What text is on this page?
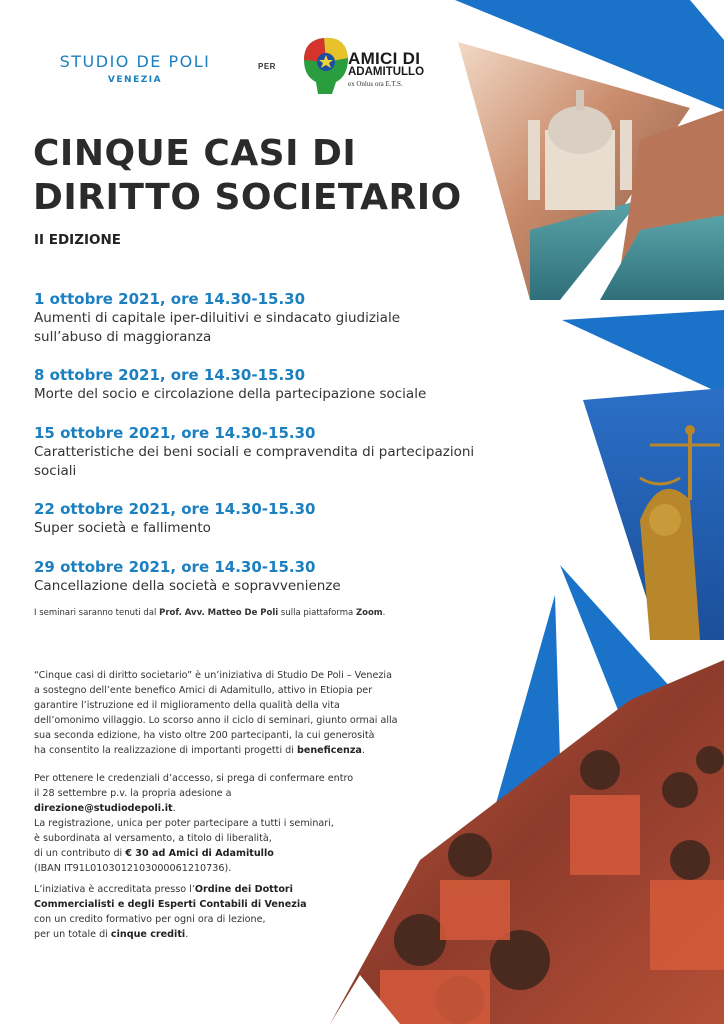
STUDIO DE POLI
VENEZIA
PER	AMICI DI
ADAMITULLO
ex Onlus ora E.T.S.
CINQUE CASI DI
DIRITTO SOCIETARIO
II EDIZIONE
1 ottobre 2021, ore 14.30-15.30
Aumenti di capitale iper-diluitivi e sindacato giudiziale
sull’abuso di maggioranza
8 ottobre 2021, ore 14.30-15.30
Morte del socio e circolazione della partecipazione sociale
15 ottobre 2021, ore 14.30-15.30
Caratteristiche dei beni sociali e compravendita di partecipazioni
sociali
22 ottobre 2021, ore 14.30-15.30
Super società e fallimento
29 ottobre 2021, ore 14.30-15.30
Cancellazione della società e sopravvenienze
I seminari saranno tenuti dal Prof. Avv. Matteo De Poli sulla piattaforma Zoom.
“Cinque casi di diritto societario” è un’iniziativa di Studio De Poli – Venezia
a sostegno dell’ente benefico Amici di Adamitullo, attivo in Etiopia per
garantire l’istruzione ed il miglioramento della qualità della vita
dell’omonimo villaggio. Lo scorso anno il ciclo di seminari, giunto ormai alla
sua seconda edizione, ha visto oltre 200 partecipanti, la cui generosità
ha consentito la realizzazione di importanti progetti di beneficenza.
Per ottenere le credenziali d’accesso, si prega di confermare entro
il 28 settembre p.v. la propria adesione a
direzione@studiodepoli.it.
La registrazione, unica per poter partecipare a tutti i seminari,
è subordinata al versamento, a titolo di liberalità,
di un contributo di € 30 ad Amici di Adamitullo
(IBAN IT91L0103012103000061210736).
L’iniziativa è accreditata presso l’Ordine dei Dottori
Commercialisti e degli Esperti Contabili di Venezia
con un credito formativo per ogni ora di lezione,
per un totale di cinque crediti.
